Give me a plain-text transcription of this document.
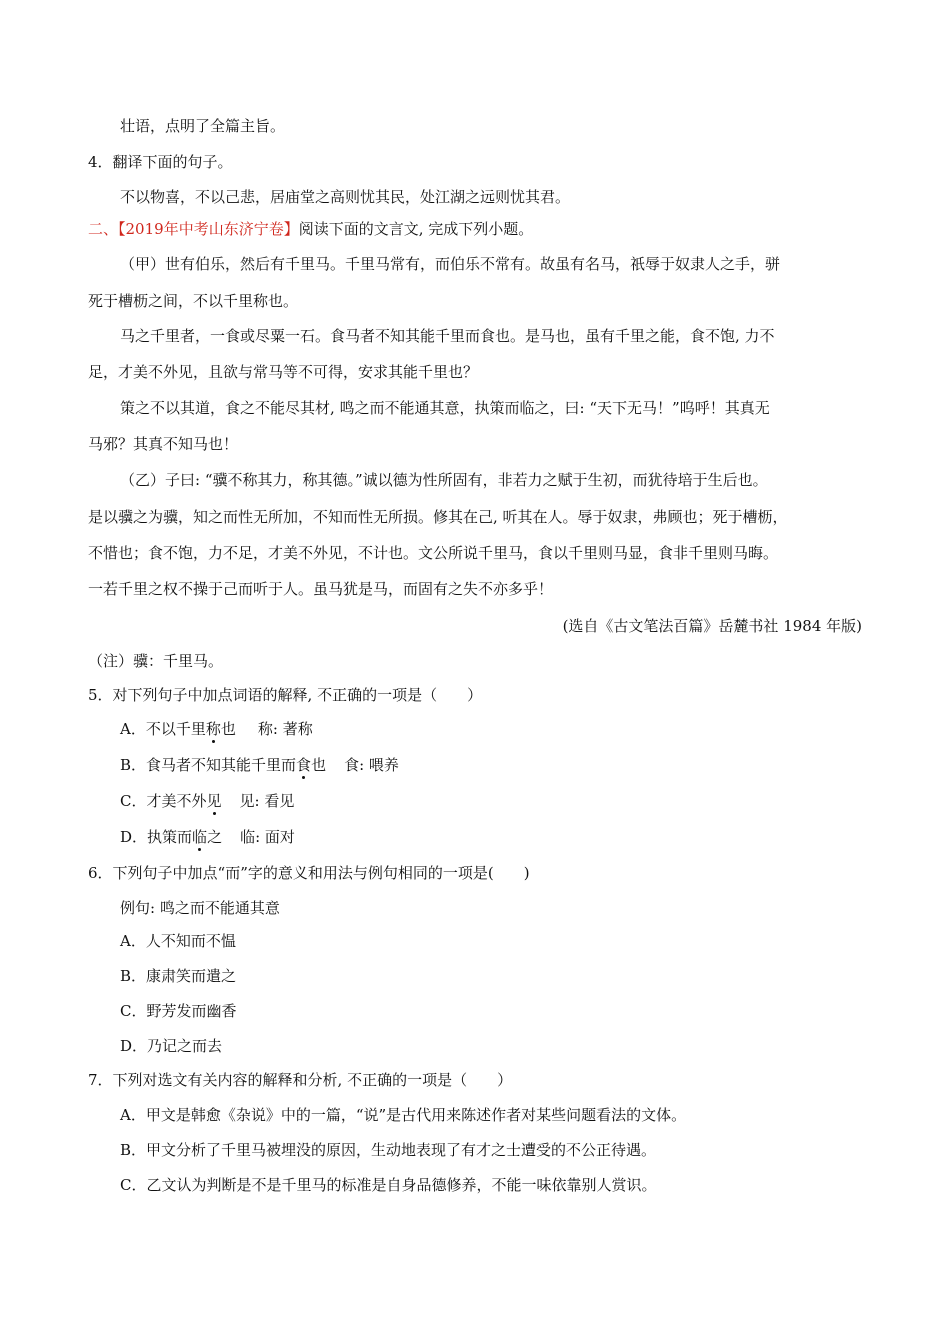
壮语，点明了全篇主旨。
4．翻译下面的句子。
不以物喜，不以己悲，居庙堂之高则忧其民，处江湖之远则忧其君。
二、【2019年中考山东济宁卷】阅读下面的文言文, 完成下列小题。
（甲）世有伯乐，然后有千里马。千里马常有，而伯乐不常有。故虽有名马，祇辱于奴隶人之手，骈
死于槽枥之间，不以千里称也。
马之千里者，一食或尽粟一石。食马者不知其能千里而食也。是马也，虽有千里之能，食不饱, 力不
足，才美不外见，且欲与常马等不可得，安求其能千里也？
策之不以其道，食之不能尽其材, 鸣之而不能通其意，执策而临之，曰: “天下无马！”呜呼！其真无
马邪？其真不知马也！
（乙）子曰: “骥不称其力，称其德。”诚以德为性所固有，非若力之赋于生初，而犹待培于生后也。
是以骥之为骥，知之而性无所加，不知而性无所损。修其在己, 听其在人。辱于奴隶，弗顾也；死于槽枥，
不惜也；食不饱，力不足，才美不外见，不计也。文公所说千里马，食以千里则马显，食非千里则马晦。
一若千里之权不操于己而听于人。虽马犹是马，而固有之失不亦多乎！
(选自《古文笔法百篇》岳麓书社 1984 年版)
（注）骥：千里马。
5．对下列句子中加点词语的解释, 不正确的一项是（　　）
A．不以千里称也 称: 著称
B．食马者不知其能千里而食也 食: 喂养
C．才美不外见 见: 看见
D．执策而临之 临: 面对
6．下列句子中加点“而”字的意义和用法与例句相同的一项是(　　)
例句: 鸣之而不能通其意
A．人不知而不愠
B．康肃笑而遣之
C．野芳发而幽香
D．乃记之而去
7．下列对选文有关内容的解释和分析, 不正确的一项是（　　）
A．甲文是韩愈《杂说》中的一篇，“说”是古代用来陈述作者对某些问题看法的文体。
B．甲文分析了千里马被埋没的原因，生动地表现了有才之士遭受的不公正待遇。
C．乙文认为判断是不是千里马的标准是自身品德修养，不能一味依靠别人赏识。
